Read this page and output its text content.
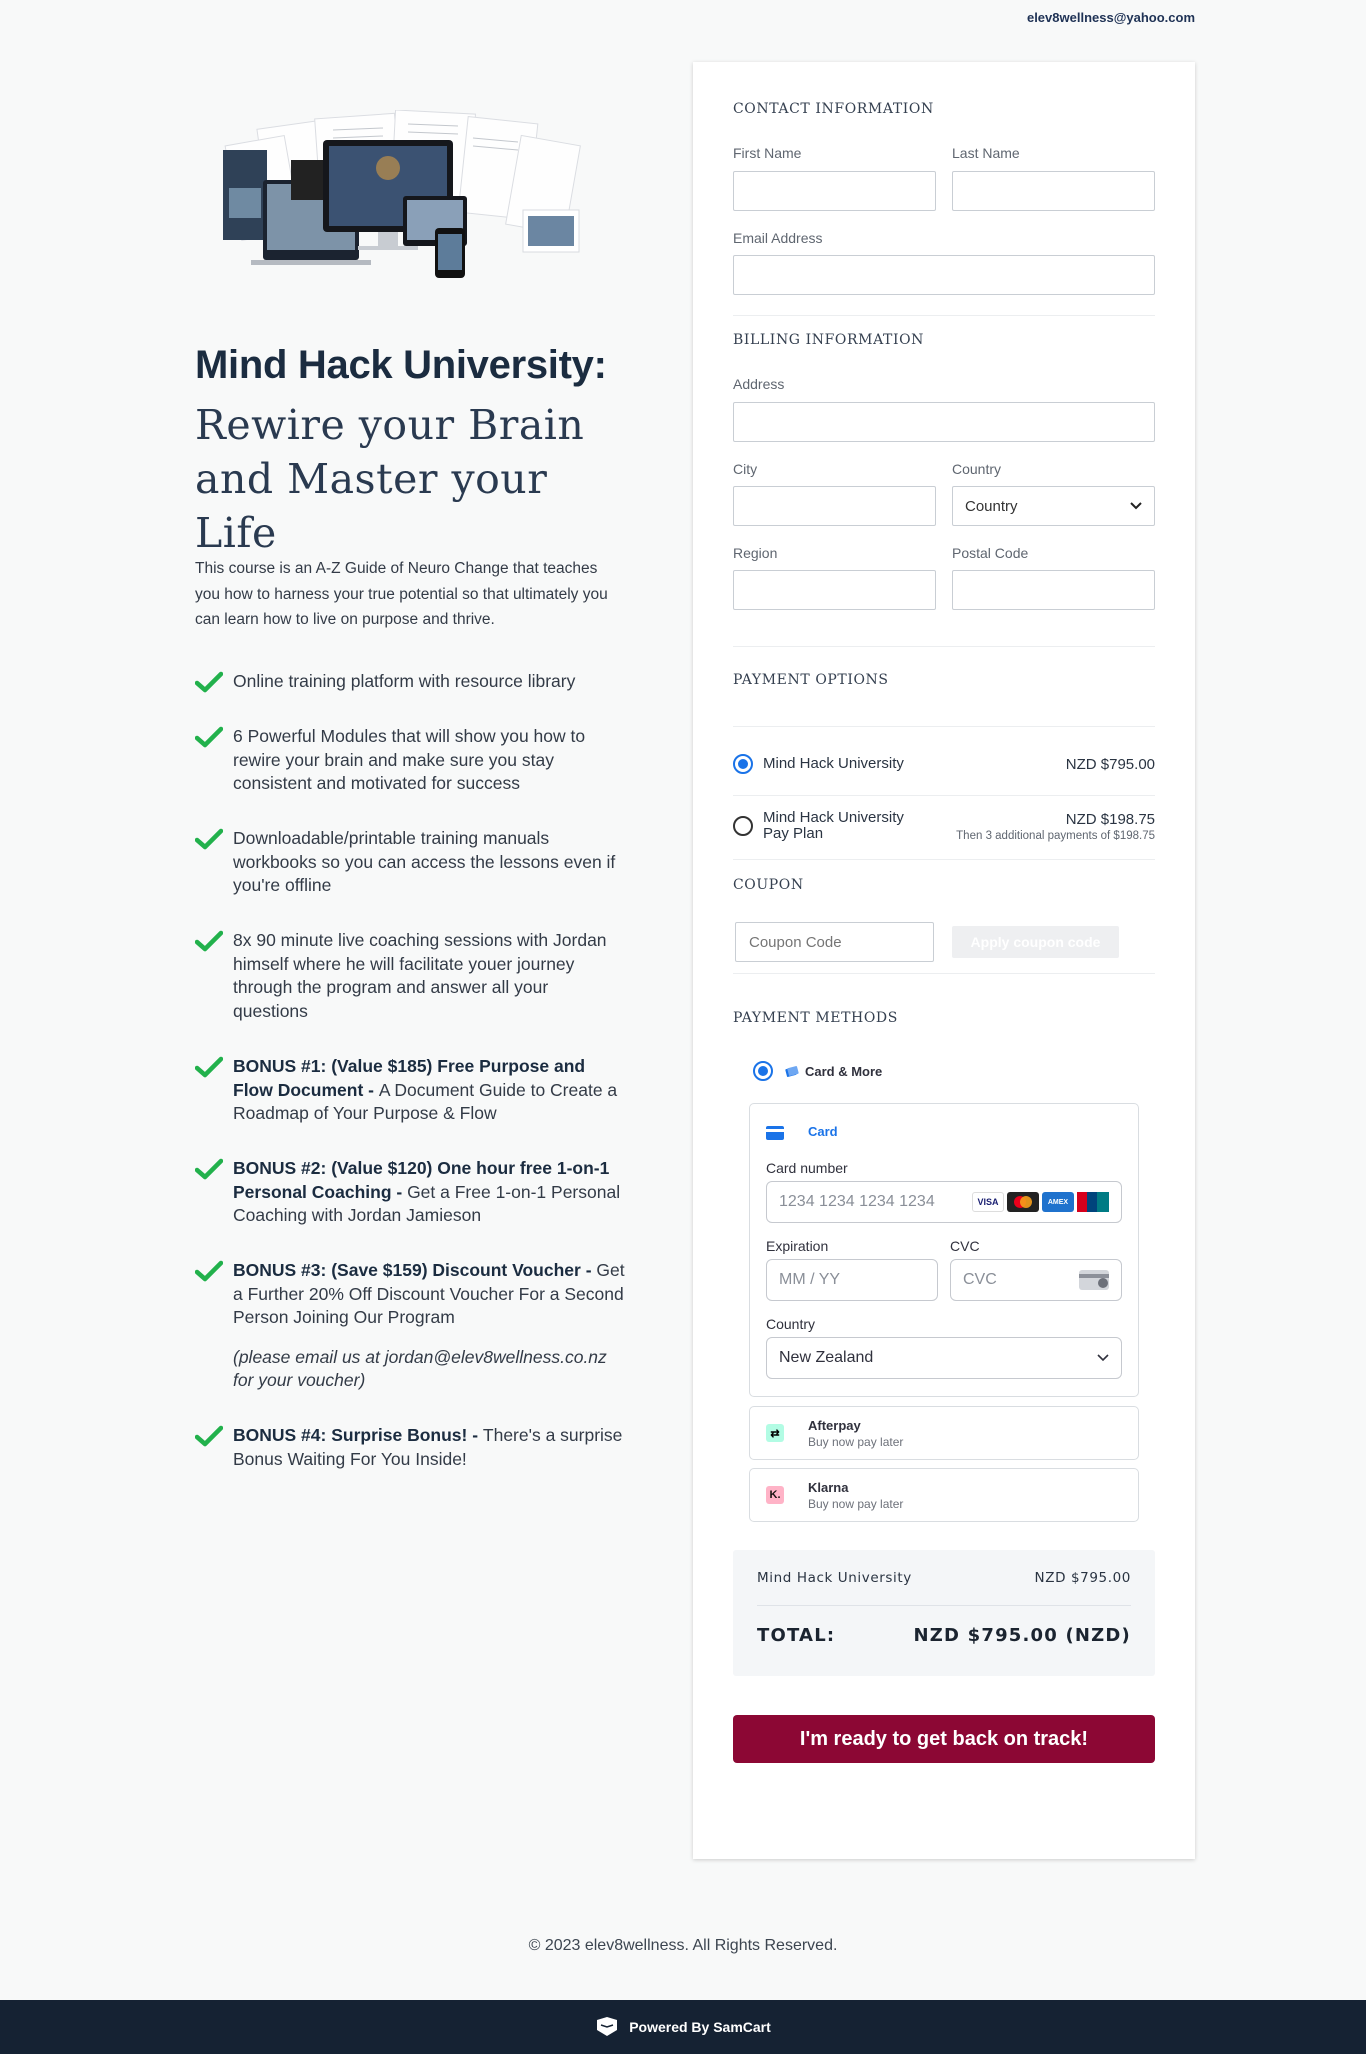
elev8wellness@yahoo.com
Mind Hack University:
Rewire your Brain and Master your Life
This course is an A-Z Guide of Neuro Change that teaches you how to harness your true potential so that ultimately you can learn how to live on purpose and thrive.
Online training platform with resource library
6 Powerful Modules that will show you how to rewire your brain and make sure you stay consistent and motivated for success
Downloadable/printable training manuals workbooks so you can access the lessons even if you're offline
8x 90 minute live coaching sessions with Jordan himself where he will facilitate youer journey through the program and answer all your questions
BONUS #1: (Value $185) Free Purpose and Flow Document - A Document Guide to Create a Roadmap of Your Purpose & Flow
BONUS #2: (Value $120) One hour free 1-on-1 Personal Coaching - Get a Free 1-on-1 Personal Coaching with Jordan Jamieson
BONUS #3: (Save $159) Discount Voucher - Get a Further 20% Off Discount Voucher For a Second Person Joining Our Program
(please email us at jordan@elev8wellness.co.nz for your voucher)
BONUS #4: Surprise Bonus! - There's a surprise Bonus Waiting For You Inside!
CONTACT INFORMATION
First Name	Last Name
Email Address
BILLING INFORMATION
Address
City	Country
Country
Region	Postal Code
PAYMENT OPTIONS
Mind Hack University	NZD $795.00
Mind Hack University Pay Plan
NZD $198.75
Then 3 additional payments of $198.75
COUPON
Coupon Code
Apply coupon code
PAYMENT METHODS
Card & More
Card
Card number
1234 1234 1234 1234	VISA	AMEX
Expiration	CVC
MM / YY	CVC
Country
New Zealand
⇄
Afterpay
Buy now pay later
K. Klarna
Buy now pay later
Mind Hack University	NZD $795.00
TOTAL:	NZD $795.00 (NZD)
I'm ready to get back on track!
© 2023 elev8wellness. All Rights Reserved.
Powered By SamCart
